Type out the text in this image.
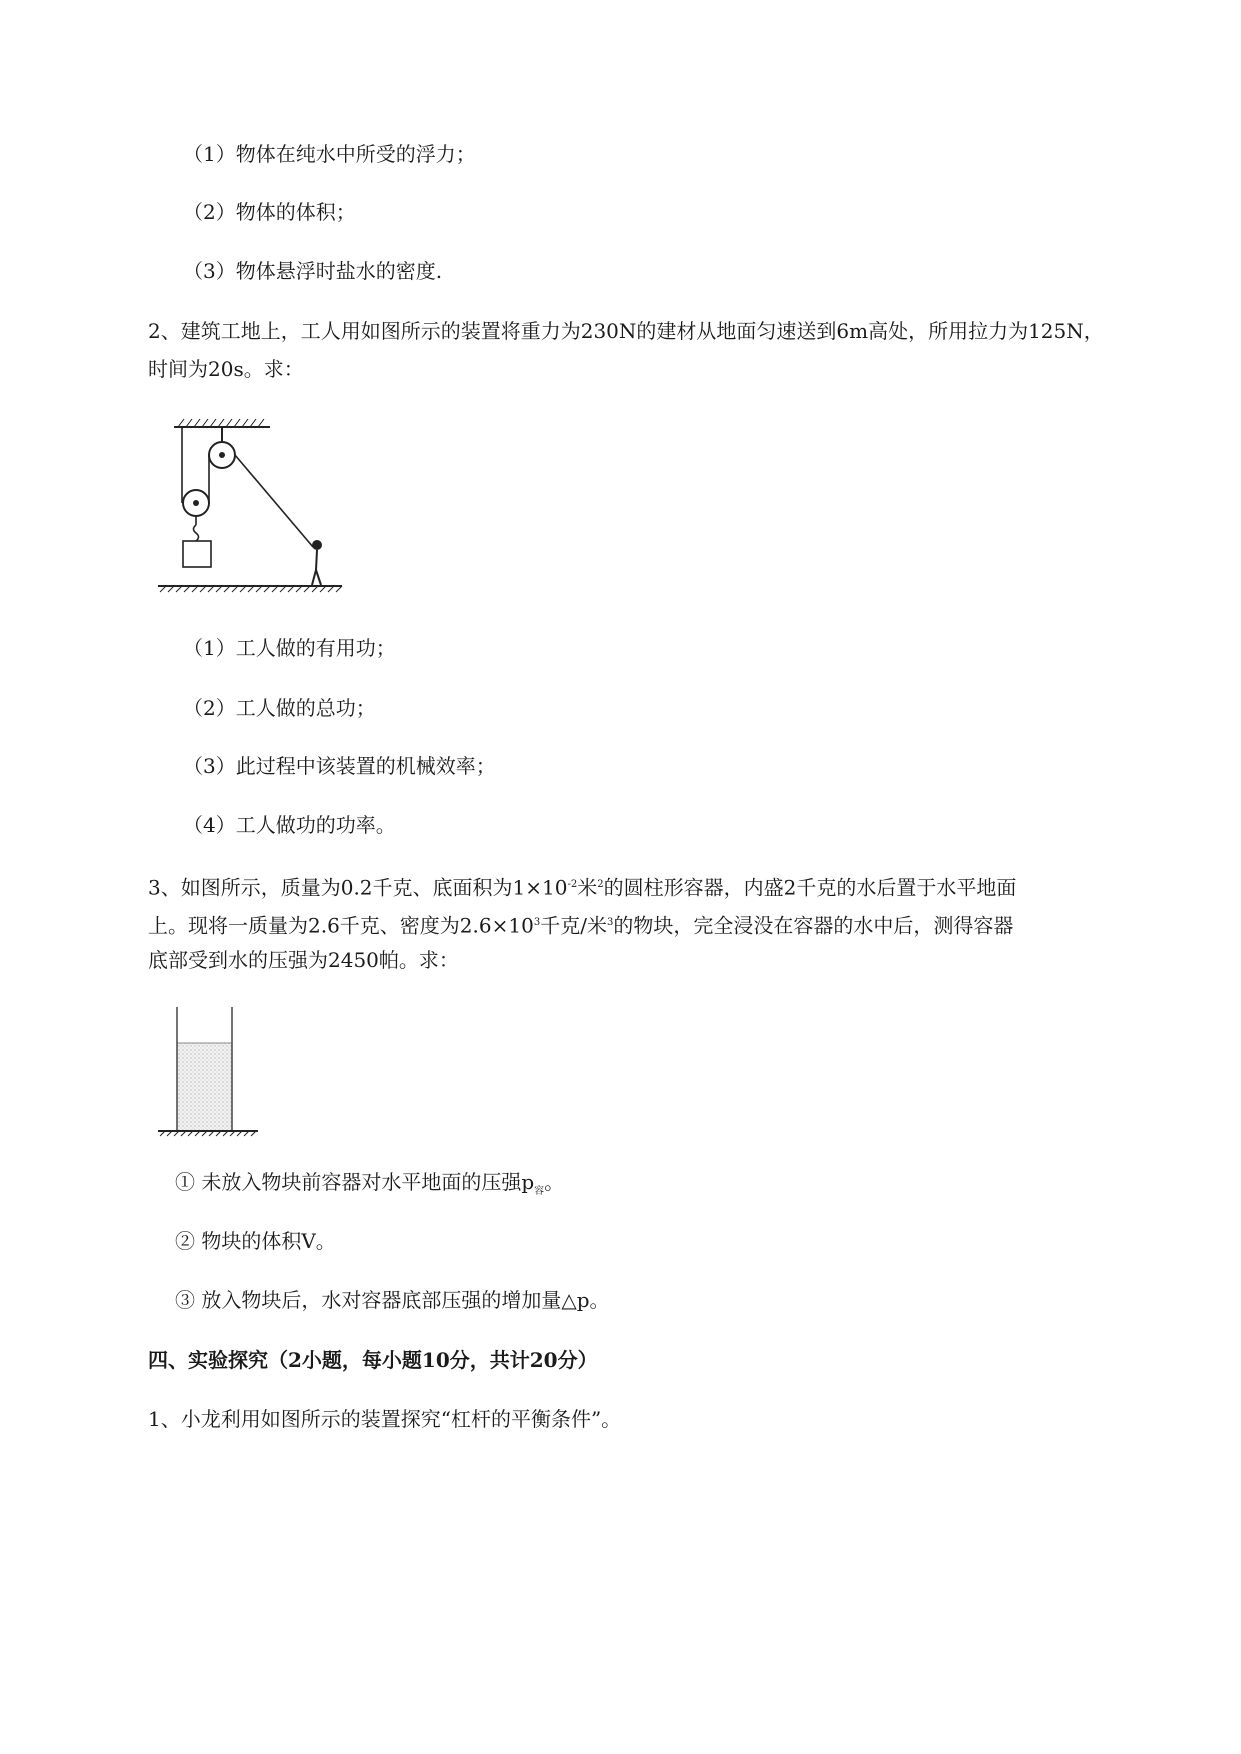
（1）物体在纯水中所受的浮力；
（2）物体的体积；
（3）物体悬浮时盐水的密度.
2、建筑工地上，工人用如图所示的装置将重力为230N的建材从地面匀速送到6m高处，所用拉力为125N，
时间为20s。求：
（1）工人做的有用功；
（2）工人做的总功；
（3）此过程中该装置的机械效率；
（4）工人做功的功率。
3、如图所示，质量为0.2千克、底面积为$1\times 10^{-2}$米$^2$的圆柱形容器，内盛2千克的水后置于水平地面
上。现将一质量为2.6千克、密度为$2.6\times 10^3$千克/米$^3$的物块，完全浸没在容器的水中后，测得容器
底部受到水的压强为2450帕。求：
① 未放入物块前容器对水平地面的压强$p_容$。
② 物块的体积V。
③ 放入物块后，水对容器底部压强的增加量△p。
四、实验探究（2小题，每小题10分，共计20分）
1、小龙利用如图所示的装置探究“杠杆的平衡条件”。
